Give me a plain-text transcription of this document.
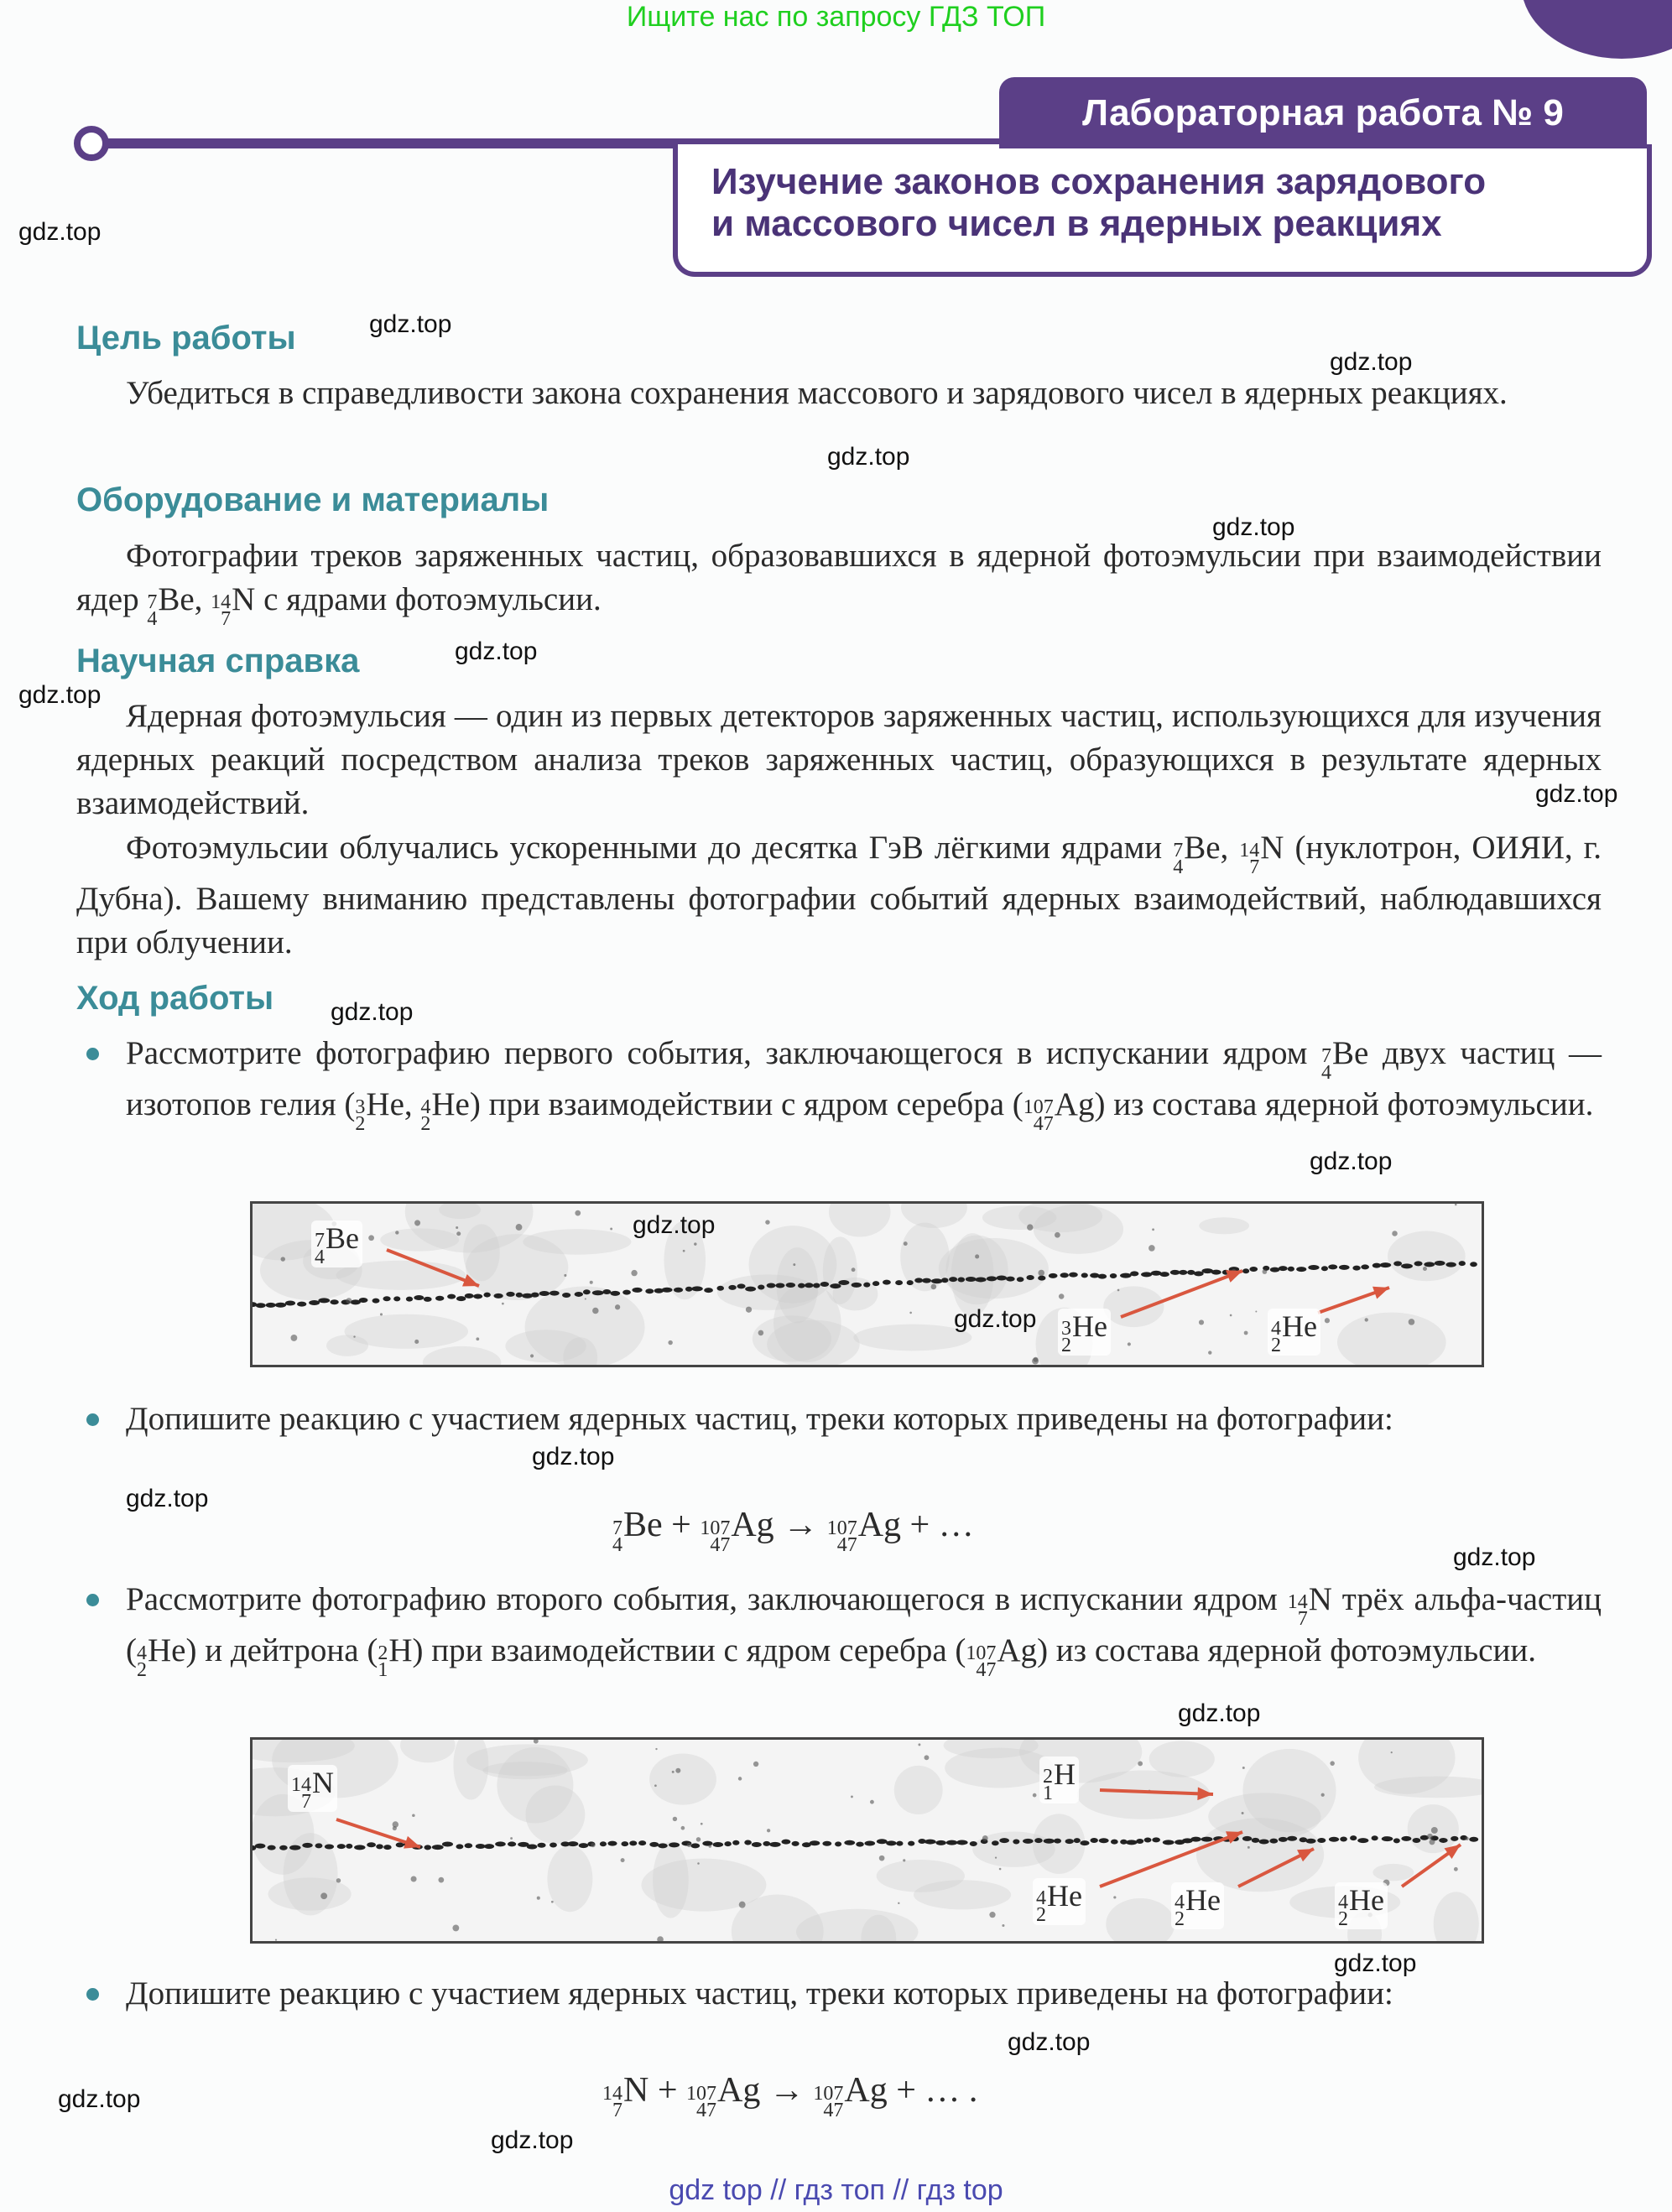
Ищите нас по запросу ГДЗ ТОП
Лабораторная работа № 9
Изучение законов сохранения зарядового
и массового чисел в ядерных реакциях
Цель работы
Убедиться в справедливости закона сохранения массового и зарядового чисел в ядерных реакциях.
Оборудование и материалы
Фотографии треков заряженных частиц, образовавшихся в ядерной фотоэмульсии при взаимодействии ядер 7
4
Be , 14
7
N с ядрами фотоэмульсии.
Научная справка
Ядерная фотоэмульсия — один из первых детекторов заряженных частиц, использующихся для изучения ядерных реакций посредством анализа треков заряженных частиц, образующихся в результате ядерных взаимодействий.
Фотоэмульсии облучались ускоренными до десятка ГэВ лёгкими ядрами 7
4
Be , 14
7
N (нуклотрон, ОИЯИ, г. Дубна). Вашему вниманию представлены фотографии событий ядерных взаимодействий, наблюдавшихся при облучении.
Ход работы
Рассмотрите фотографию первого события, заключающегося в испускании ядром 7
4
Be двух частиц — изотопов гелия ( 3
2
He , 4
2
He ) при взаимодействии с ядром серебра ( 107
47
Ag ) из состава ядерной фотоэмульсии.
7
4
Be
3
2
He	4
2
He
Допишите реакцию с участием ядерных частиц, треки которых приведены на фотографии:
7
4
Be + 107
47
Ag → 107
47
Ag + …
Рассмотрите фотографию второго события, заключающегося в испускании ядром 14
7
N трёх альфа-частиц ( 4
2
He ) и дейтрона ( 2
1
H ) при взаимодействии с ядром серебра ( 107
47
Ag ) из состава ядерной фотоэмульсии.
14
7
N	2
1
H
4
2
He	4
2
He	4
2
He
Допишите реакцию с участием ядерных частиц, треки которых приведены на фотографии:
14
7
N + 107
47
Ag → 107
47
Ag + … .
gdz.top
gdz.top
gdz.top
gdz.top
gdz.top
gdz.top
gdz.top
gdz.top
gdz.top
gdz.top
gdz.top
gdz.top
gdz.top
gdz.top
gdz.top
gdz.top
gdz.top
gdz.top
gdz.top
gdz.top
gdz top // гдз топ // гдз top
